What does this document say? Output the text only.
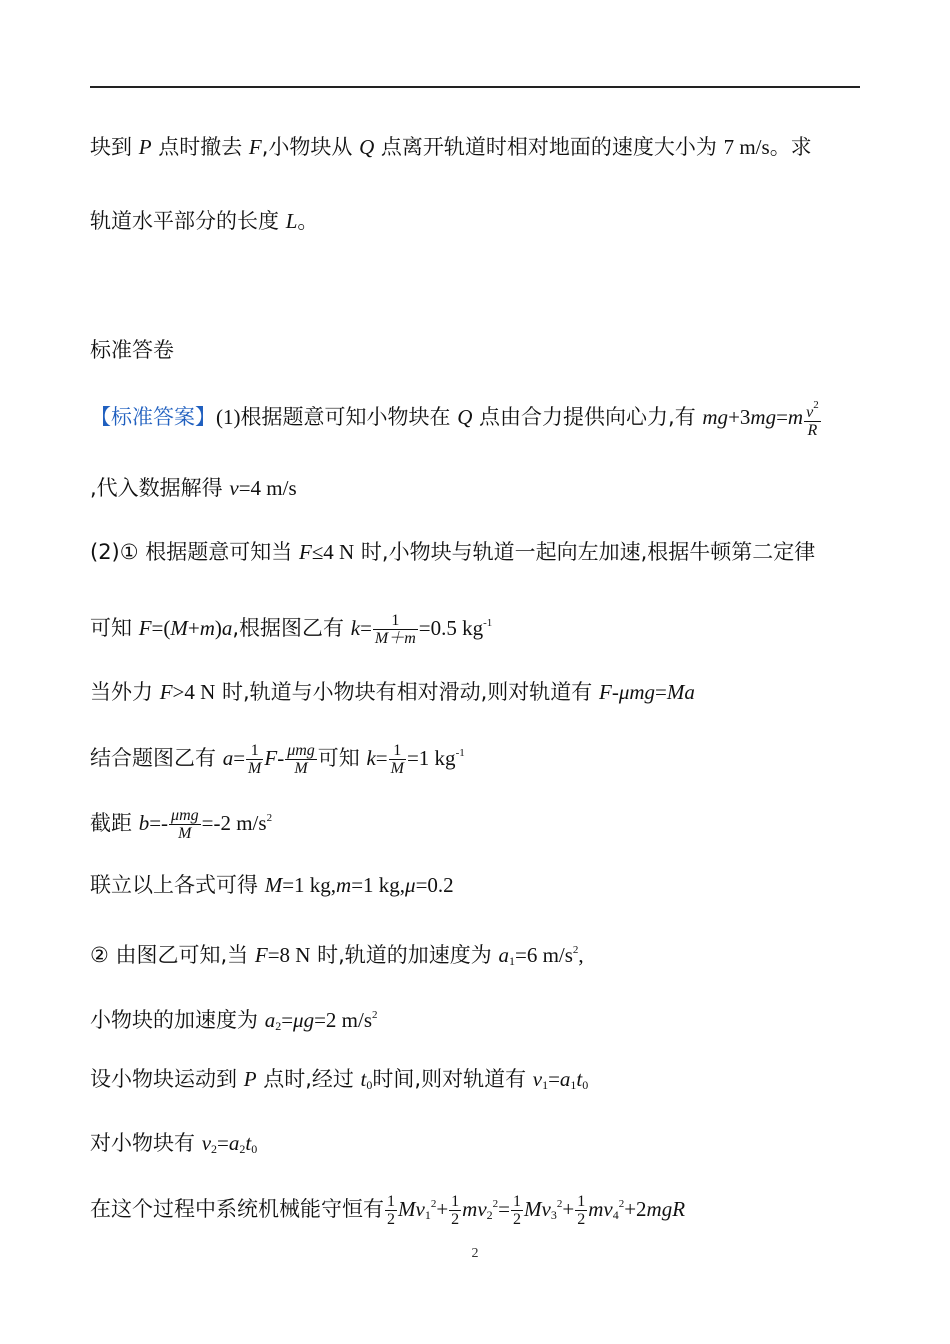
块到 P 点时撤去 F,小物块从 Q 点离开轨道时相对地面的速度大小为 7 m/s。求
轨道水平部分的长度 L。
标准答卷
【标准答案】(1)根据题意可知小物块在 Q 点由合力提供向心力,有 $mg+3mg=m \frac{v^2}{R}$
,代入数据解得 v=4 m/s
(2)① 根据题意可知当 F≤4 N 时,小物块与轨道一起向左加速,根据牛顿第二定律
可知 F=(M+m)a,根据图乙有 $k= \frac{1}{M+m} =0.5$ $kg^{-1}$
当外力 F>4 N 时,轨道与小物块有相对滑动,则对轨道有 F-μmg=Ma
结合题图乙有 $a= \frac{1}{M} F- \frac{\text{μmg}}{M}$ 可知 $k= \frac{1}{M} =1$ $kg^{-1}$
截距 $b=- \frac{\text{μmg}}{M} =-2$ $m/s^2$
联立以上各式可得 M=1 kg,m=1 kg,μ=0.2
② 由图乙可知,当 F=8 N 时,轨道的加速度为 $a_1=6$ $m/s^2$,
小物块的加速度为 $a_2=\mu g=2$ $m/s^2$
设小物块运动到 P 点时,经过 $t_0$时间,则对轨道有 $v_1=a_1t_0$
对小物块有 $v_2=a_2t_0$
在这个过程中系统机械能守恒有 $\frac{1}{2} Mv_1^2+ \frac{1}{2} mv_2^2= \frac{1}{2} Mv_3^2+ \frac{1}{2} mv_4^2+2mgR$
2
